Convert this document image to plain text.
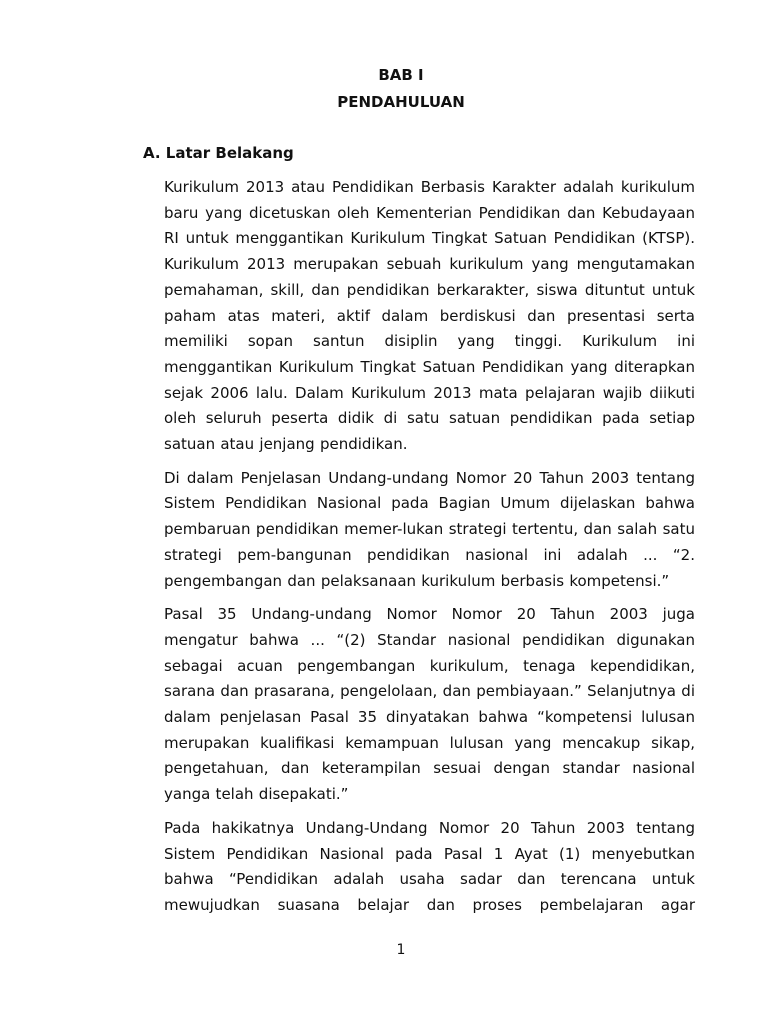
BAB I
PENDAHULUAN
A. Latar Belakang

Kurikulum 2013 atau Pendidikan Berbasis Karakter adalah kurikulum baru yang dicetuskan oleh Kementerian Pendidikan dan Kebudayaan RI untuk menggantikan Kurikulum Tingkat Satuan Pendidikan (KTSP). Kurikulum 2013 merupakan sebuah kurikulum yang mengutamakan pemahaman, skill, dan pendidikan berkarakter, siswa dituntut untuk paham atas materi, aktif dalam berdiskusi dan presentasi serta memiliki sopan santun disiplin yang tinggi. Kurikulum ini menggantikan Kurikulum Tingkat Satuan Pendidikan yang diterapkan sejak 2006 lalu. Dalam Kurikulum 2013 mata pelajaran wajib diikuti oleh seluruh peserta didik di satu satuan pendidikan pada setiap satuan atau jenjang pendidikan.

Di dalam Penjelasan Undang-undang Nomor 20 Tahun 2003 tentang Sistem Pendidikan Nasional pada Bagian Umum dijelaskan bahwa pembaruan pendidikan memer-lukan strategi tertentu, dan salah satu strategi pem-bangunan pendidikan nasional ini adalah ... “2. pengembangan dan pelaksanaan kurikulum berbasis kompetensi.”

Pasal 35 Undang-undang Nomor Nomor 20 Tahun 2003 juga mengatur bahwa ... “(2) Standar nasional pendidikan digunakan sebagai acuan pengembangan kurikulum, tenaga kependidikan, sarana dan prasarana, pengelolaan, dan pembiayaan.” Selanjutnya di dalam penjelasan Pasal 35 dinyatakan bahwa “kompetensi lulusan merupakan kualifikasi kemampuan lulusan yang mencakup sikap, pengetahuan, dan keterampilan sesuai dengan standar nasional yanga telah disepakati.”

Pada hakikatnya Undang-Undang Nomor 20 Tahun 2003 tentang Sistem Pendidikan Nasional pada Pasal 1 Ayat (1) menyebutkan bahwa “Pendidikan adalah usaha sadar dan terencana untuk mewujudkan suasana belajar dan proses pembelajaran agar

1
